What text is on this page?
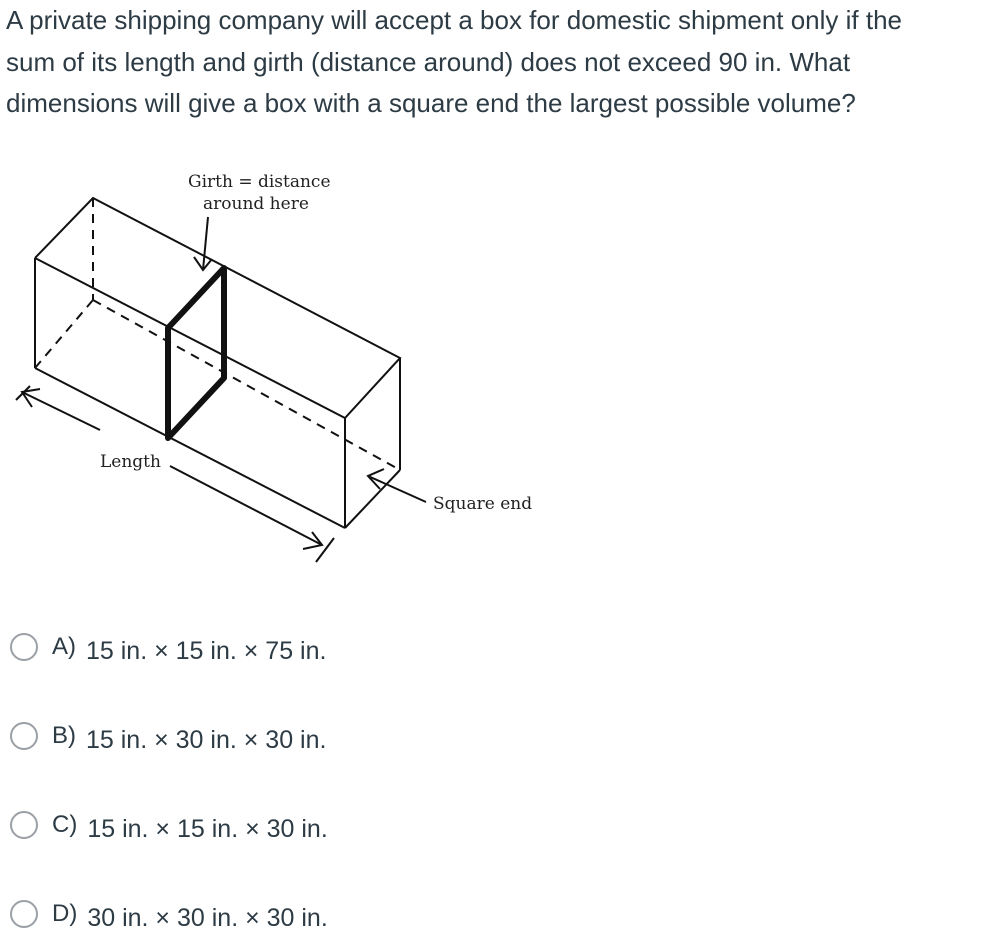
A private shipping company will accept a box for domestic shipment only if the
sum of its length and girth (distance around) does not exceed 90 in. What
dimensions will give a box with a square end the largest possible volume?
Girth = distance
around here
Length
Square end
A) 15 in. × 15 in. × 75 in.
B) 15 in. × 30 in. × 30 in.
C) 15 in. × 15 in. × 30 in.
D) 30 in. × 30 in. × 30 in.
